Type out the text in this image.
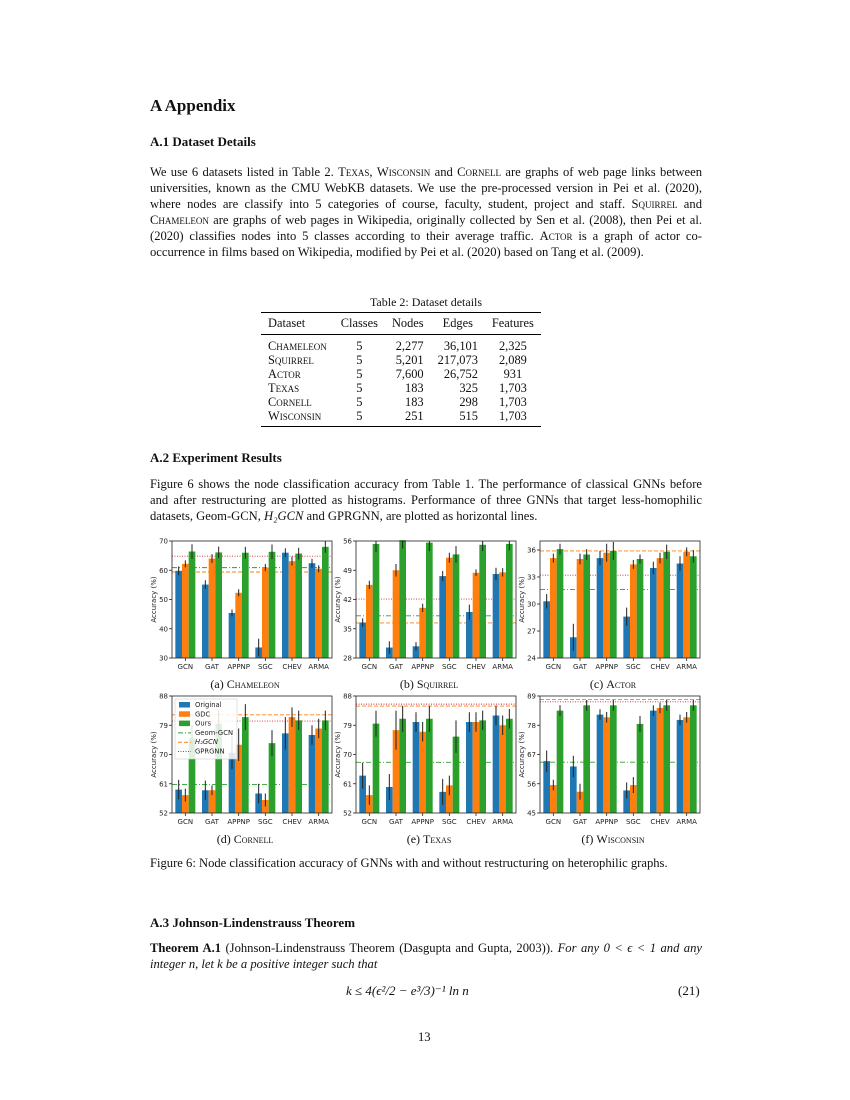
A Appendix
A.1 Dataset Details

We use 6 datasets listed in Table 2. Texas, Wisconsin and Cornell are graphs of web page links between universities, known as the CMU WebKB datasets. We use the pre-processed version in Pei et al. (2020), where nodes are classify into 5 categories of course, faculty, student, project and staff. Squirrel and Chameleon are graphs of web pages in Wikipedia, originally collected by Sen et al. (2008), then Pei et al. (2020) classifies nodes into 5 classes according to their average traffic. Actor is a graph of actor co-occurrence in films based on Wikipedia, modified by Pei et al. (2020) based on Tang et al. (2009).

Table 2: Dataset details
Dataset	Classes	Nodes	Edges	Features
Chameleon	5	2,277	36,101	2,325
Squirrel	5	5,201	217,073	2,089
Actor	5	7,600	26,752	931
Texas	5	183	325	1,703
Cornell	5	183	298	1,703
Wisconsin	5	251	515	1,703
A.2 Experiment Results

Figure 6 shows the node classification accuracy from Table 1. The performance of classical GNNs before and after restructuring are plotted as histograms. Performance of three GNNs that target less-homophilic datasets, Geom-GCN, H₂GCN and GPRGNN, are plotted as horizontal lines.

30
40
50
60
70
GCN GAT APPNP SGC CHEV ARMA
Accuracy (%)
28
35
42
49
56
GCN GAT APPNP SGC CHEV ARMA
Accuracy (%)
24
27
30
33
36
GCN GAT APPNP SGC CHEV ARMA
Accuracy (%)
52
61
70
79
88
GCN GAT APPNP SGC CHEV ARMA
Accuracy (%)
Original
GDC
Ours
Geom-GCN
H₂GCN
GPRGNN
52
61
70
79
88
GCN GAT APPNP SGC CHEV ARMA
Accuracy (%)
45
56
67
78
89
GCN GAT APPNP SGC CHEV ARMA
Accuracy (%)
(a) Chameleon	(b) Squirrel	(c) Actor
(d) Cornell	(e) Texas	(f) Wisconsin

Figure 6: Node classification accuracy of GNNs with and without restructuring on heterophilic graphs.

A.3 Johnson-Lindenstrauss Theorem

Theorem A.1 (Johnson-Lindenstrauss Theorem (Dasgupta and Gupta, 2003)). For any 0 < ϵ < 1 and any integer n, let k be a positive integer such that

k ≤ 4(ϵ²/2 − e³/3)⁻¹ ln n	(21)
13
